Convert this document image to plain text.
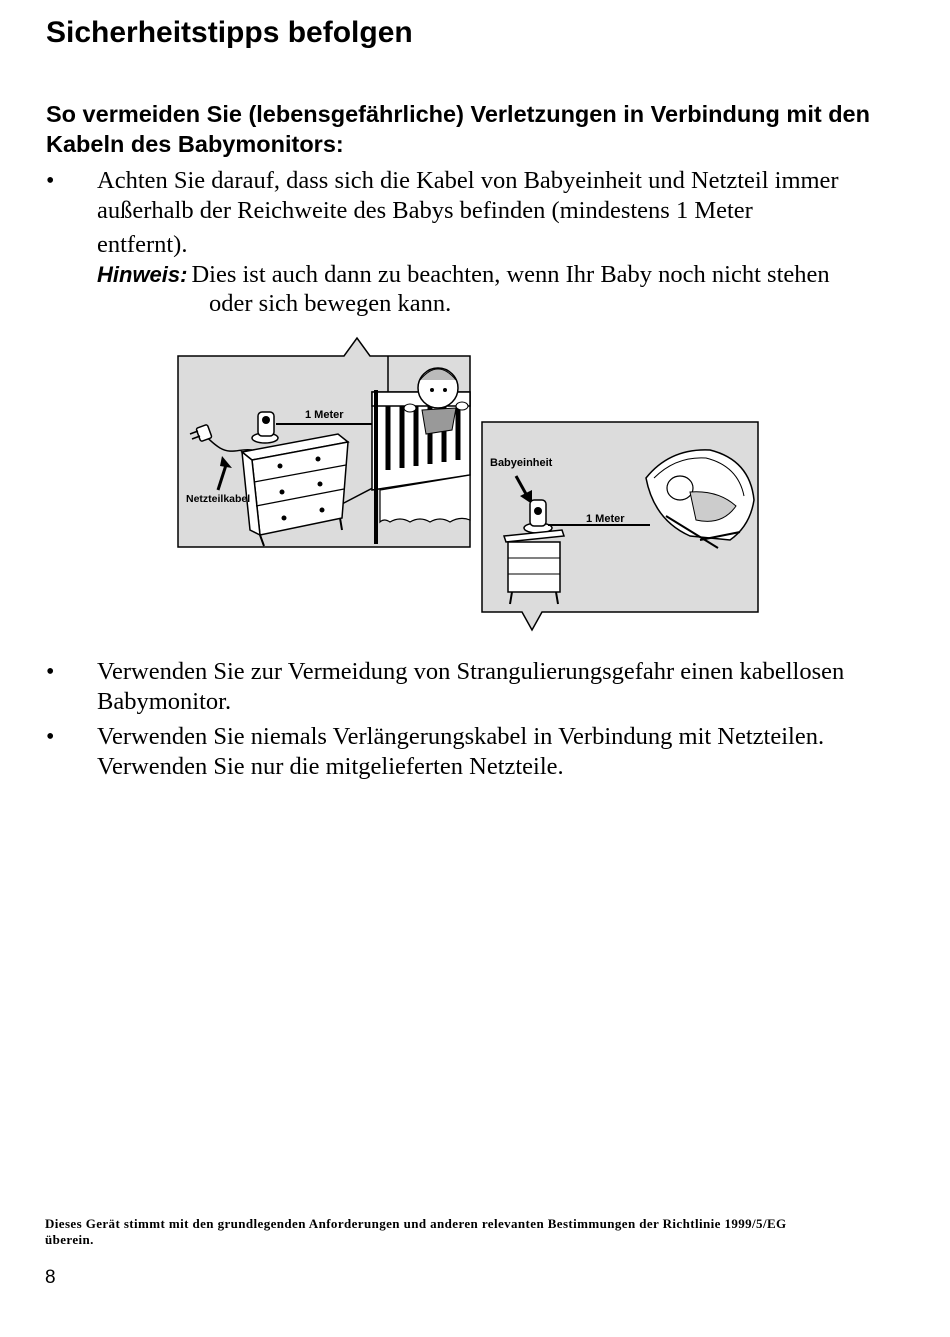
Sicherheitstipps befolgen
So vermeiden Sie (lebensgefährliche) Verletzungen in Verbindung mit den Kabeln des Babymonitors:
• Achten Sie darauf, dass sich die Kabel von Babyeinheit und Netzteil immer
außerhalb der Reichweite des Babys befinden (mindestens 1 Meter
entfernt).
Hinweis: Dies ist auch dann zu beachten, wenn Ihr Baby noch nicht stehen
oder sich bewegen kann.
1 Meter
Netzteilkabel
Babyeinheit
1 Meter
• Verwenden Sie zur Vermeidung von Strangulierungsgefahr einen kabellosen
Babymonitor.
• Verwenden Sie niemals Verlängerungskabel in Verbindung mit Netzteilen.
Verwenden Sie nur die mitgelieferten Netzteile.
Dieses Gerät stimmt mit den grundlegenden Anforderungen und anderen relevanten Bestimmungen der Richtlinie 1999/5/EG überein.
8
